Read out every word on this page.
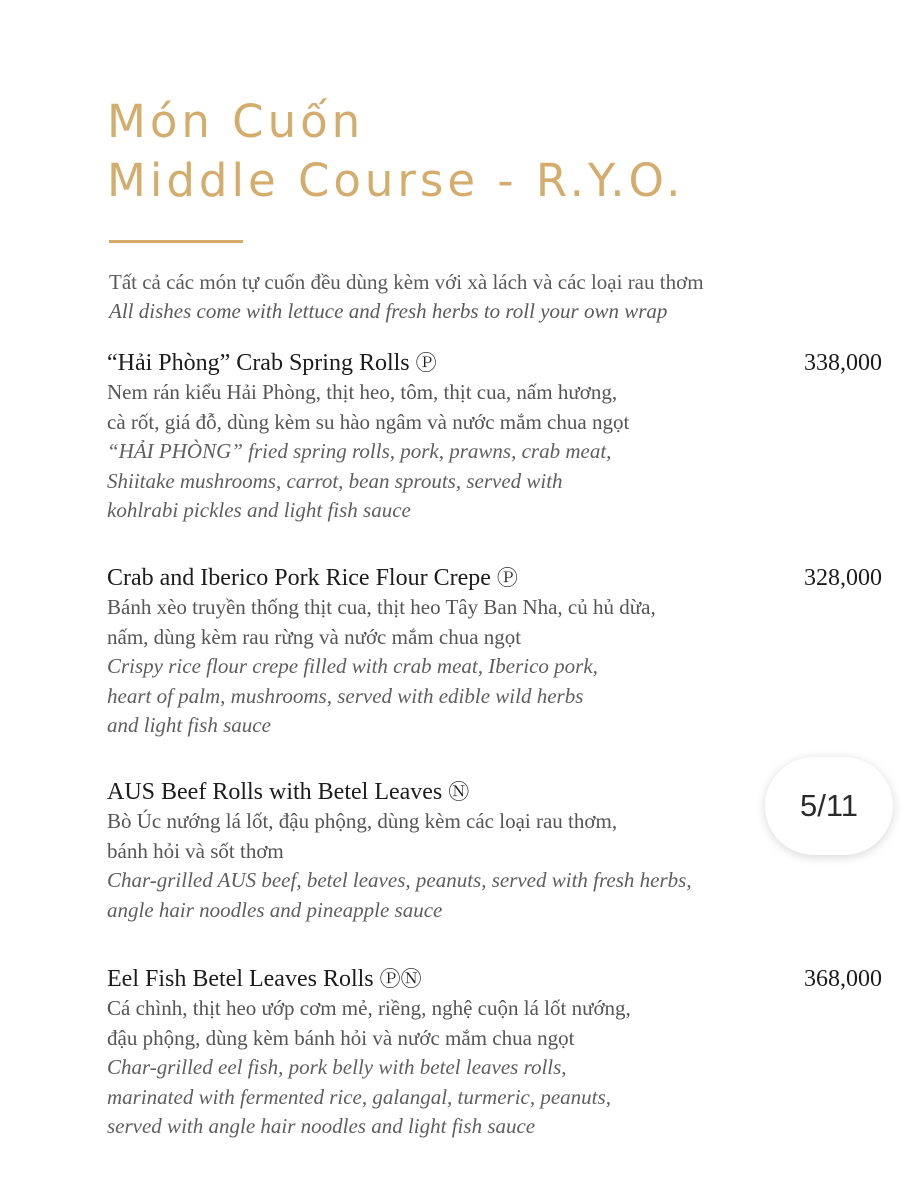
Món Cuốn
Middle Course - R.Y.O.
Tất cả các món tự cuốn đều dùng kèm với xà lách và các loại rau thơm
All dishes come with lettuce and fresh herbs to roll your own wrap
“Hải Phòng” Crab Spring Rolls Ⓟ	338,000
Nem rán kiểu Hải Phòng, thịt heo, tôm, thịt cua, nấm hương,
cà rốt, giá đỗ, dùng kèm su hào ngâm và nước mắm chua ngọt
“HẢI PHÒNG” fried spring rolls, pork, prawns, crab meat,
Shiitake mushrooms, carrot, bean sprouts, served with
kohlrabi pickles and light fish sauce
Crab and Iberico Pork Rice Flour Crepe Ⓟ	328,000
Bánh xèo truyền thống thịt cua, thịt heo Tây Ban Nha, củ hủ dừa,
nấm, dùng kèm rau rừng và nước mắm chua ngọt
Crispy rice flour crepe filled with crab meat, Iberico pork,
heart of palm, mushrooms, served with edible wild herbs
and light fish sauce
AUS Beef Rolls with Betel Leaves Ⓝ
Bò Úc nướng lá lốt, đậu phộng, dùng kèm các loại rau thơm,
bánh hỏi và sốt thơm
Char-grilled AUS beef, betel leaves, peanuts, served with fresh herbs,
angle hair noodles and pineapple sauce
Eel Fish Betel Leaves Rolls ⓅⓃ	368,000
Cá chình, thịt heo ướp cơm mẻ, riềng, nghệ cuộn lá lốt nướng,
đậu phộng, dùng kèm bánh hỏi và nước mắm chua ngọt
Char-grilled eel fish, pork belly with betel leaves rolls,
marinated with fermented rice, galangal, turmeric, peanuts,
served with angle hair noodles and light fish sauce
5/11
